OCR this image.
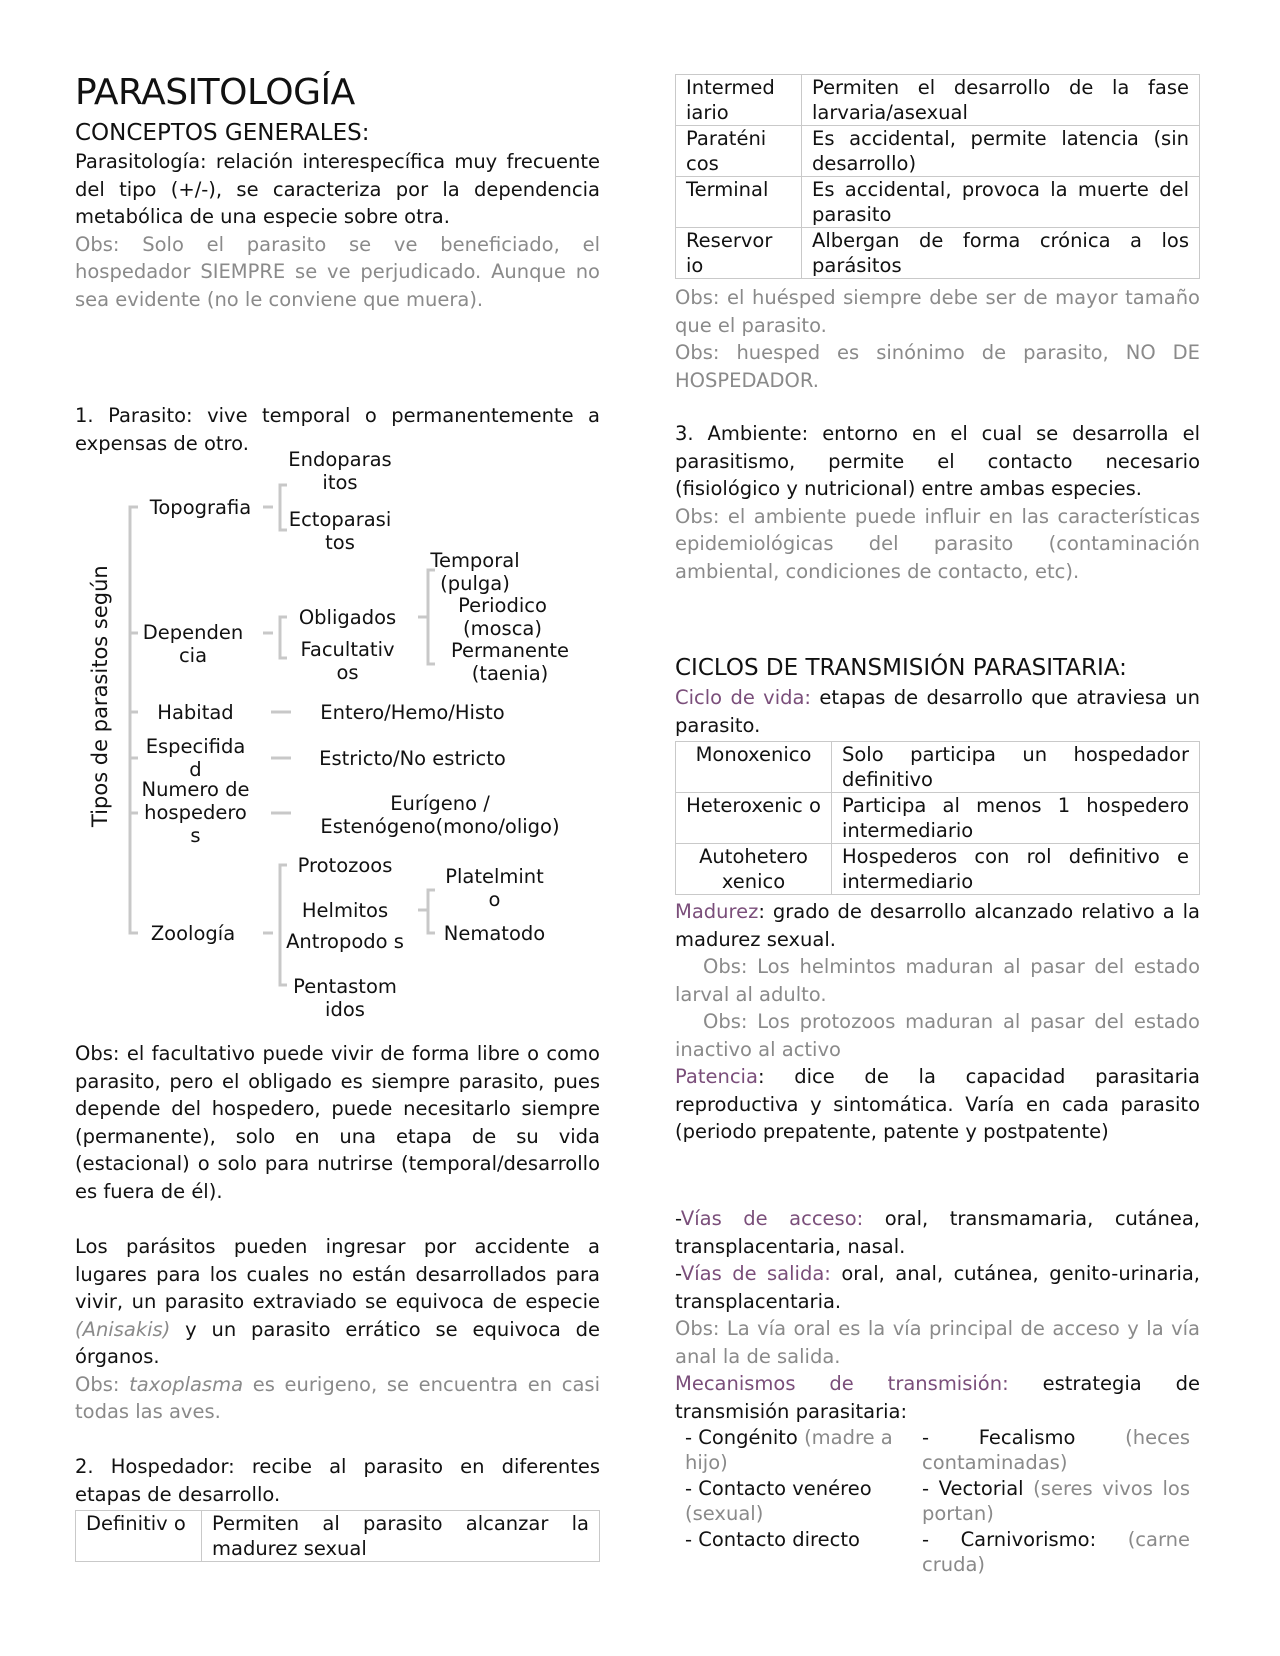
PARASITOLOGÍA

CONCEPTOS GENERALES:

Parasitología: relación interespecífica muy frecuente del tipo (+/-), se caracteriza por la dependencia metabólica de una especie sobre otra.

Obs: Solo el parasito se ve beneficiado, el hospedador SIEMPRE se ve perjudicado. Aunque no sea evidente (no le conviene que muera).

1. Parasito: vive temporal o permanentemente a expensas de otro.

Tipos de parasitos según
Topografia
Endoparas itos
Ectoparasi tos
Dependen cia
Obligados
Facultativ os
Temporal (pulga)
Periodico (mosca)
Permanente (taenia)
Habitad	Entero/Hemo/Histo
Especifida d	Estricto/No estricto
Numero de hospedero s
Eurígeno / Estenógeno(mono/oligo)
Zoología
Protozoos
Helmitos
Antropodo s
Pentastom idos
Platelmint o
Nematodo

Obs: el facultativo puede vivir de forma libre o como parasito, pero el obligado es siempre parasito, pues depende del hospedero, puede necesitarlo siempre (permanente), solo en una etapa de su vida (estacional) o solo para nutrirse (temporal/desarrollo es fuera de él).

Los parásitos pueden ingresar por accidente a lugares para los cuales no están desarrollados para vivir, un parasito extraviado se equivoca de especie (Anisakis) y un parasito errático se equivoca de órganos.

Obs: taxoplasma es eurigeno, se encuentra en casi todas las aves.

2. Hospedador: recibe al parasito en diferentes etapas de desarrollo.

Definitiv o	Permiten al parasito alcanzar la madurez sexual
Intermed iario	Permiten el desarrollo de la fase larvaria/asexual
Paraténi cos	Es accidental, permite latencia (sin desarrollo)
Terminal	Es accidental, provoca la muerte del parasito
Reservor io	Albergan de forma crónica a los parásitos

Obs: el huésped siempre debe ser de mayor tamaño que el parasito.

Obs: huesped es sinónimo de parasito, NO DE HOSPEDADOR.

3. Ambiente: entorno en el cual se desarrolla el parasitismo, permite el contacto necesario (fisiológico y nutricional) entre ambas especies.

Obs: el ambiente puede influir en las características epidemiológicas del parasito (contaminación ambiental, condiciones de contacto, etc).

CICLOS DE TRANSMISIÓN PARASITARIA:

Ciclo de vida: etapas de desarrollo que atraviesa un parasito.

Monoxenico	Solo participa un hospedador definitivo
Heteroxenic o	Participa al menos 1 hospedero intermediario
Autohetero xenico	Hospederos con rol definitivo e intermediario

Madurez: grado de desarrollo alcanzado relativo a la madurez sexual.

Obs: Los helmintos maduran al pasar del estado larval al adulto.

Obs: Los protozoos maduran al pasar del estado inactivo al activo

Patencia: dice de la capacidad parasitaria reproductiva y sintomática. Varía en cada parasito (periodo prepatente, patente y postpatente)

-Vías de acceso: oral, transmamaria, cutánea, transplacentaria, nasal.

-Vías de salida: oral, anal, cutánea, genito-urinaria, transplacentaria.

Obs: La vía oral es la vía principal de acceso y la vía anal la de salida.

Mecanismos de transmisión: estrategia de transmisión parasitaria:

- Congénito (madre a hijo)
- Contacto venéreo (sexual)
- Contacto directo
- Fecalismo (heces contaminadas)
- Vectorial (seres vivos los portan)
- Carnivorismo: (carne cruda)
